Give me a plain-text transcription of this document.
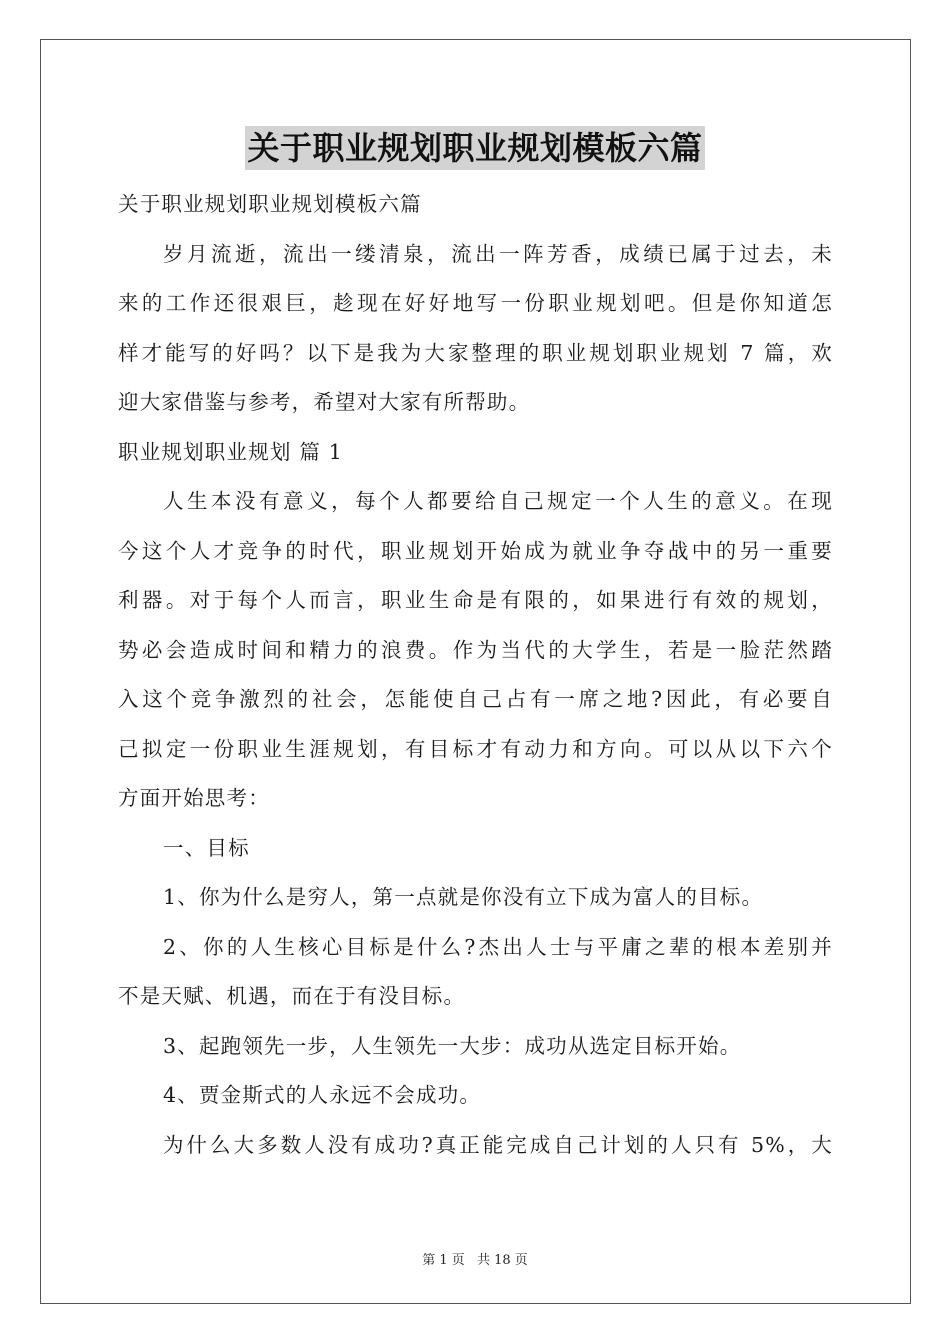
关于职业规划职业规划模板六篇
关于职业规划职业规划模板六篇
岁月流逝，流出一缕清泉，流出一阵芳香，成绩已属于过去，未
来的工作还很艰巨，趁现在好好地写一份职业规划吧。但是你知道怎
样才能写的好吗？以下是我为大家整理的职业规划职业规划 7 篇，欢
迎大家借鉴与参考，希望对大家有所帮助。
职业规划职业规划 篇 1
人生本没有意义，每个人都要给自己规定一个人生的意义。在现
今这个人才竞争的时代，职业规划开始成为就业争夺战中的另一重要
利器。对于每个人而言，职业生命是有限的，如果进行有效的规划，
势必会造成时间和精力的浪费。作为当代的大学生，若是一脸茫然踏
入这个竞争激烈的社会，怎能使自己占有一席之地?因此，有必要自
己拟定一份职业生涯规划，有目标才有动力和方向。可以从以下六个
方面开始思考：
一、目标
1、你为什么是穷人，第一点就是你没有立下成为富人的目标。
2、你的人生核心目标是什么?杰出人士与平庸之辈的根本差别并
不是天赋、机遇，而在于有没目标。
3、起跑领先一步，人生领先一大步：成功从选定目标开始。
4、贾金斯式的人永远不会成功。
为什么大多数人没有成功?真正能完成自己计划的人只有 5%，大
第 1 页 共 18 页
